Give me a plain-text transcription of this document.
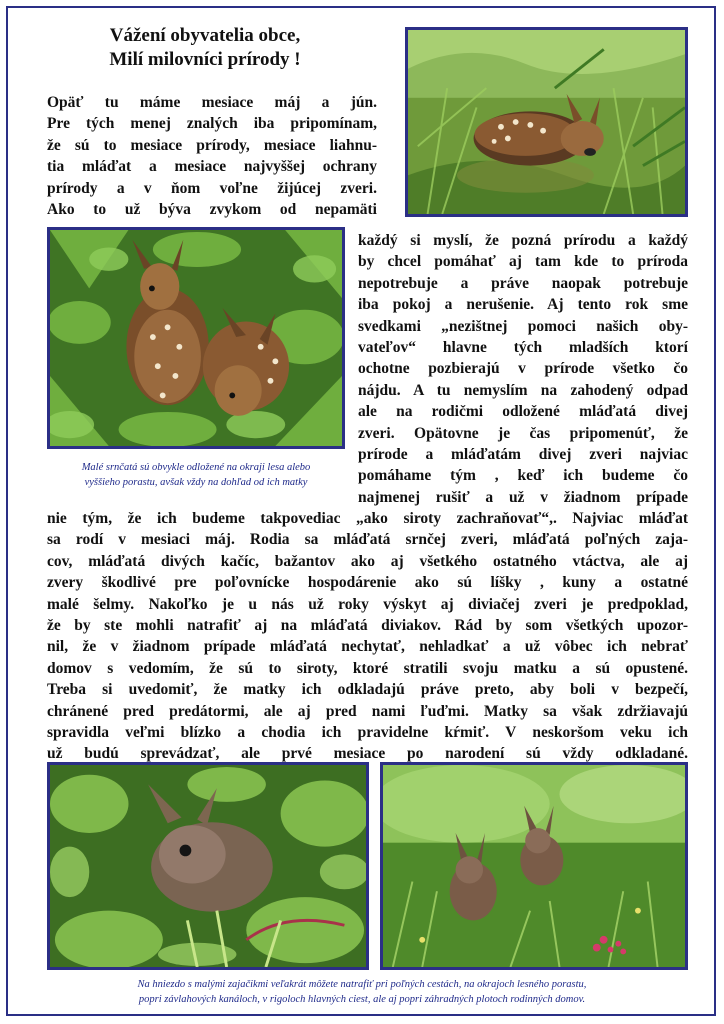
Vážení obyvatelia obce,
Milí milovníci prírody !
Opäť tu máme mesiace máj a jún.
Pre tých menej znalých iba pripomínam,
že sú to mesiace prírody, mesiace liahnu-
tia mláďat a mesiace najvyššej ochrany
prírody a v ňom voľne žijúcej zveri.
Ako to už býva zvykom od nepamäti
Malé srnčatá sú obvykle odložené na okraji lesa alebo
vyššieho porastu, avšak vždy na dohľad od ich matky
každý si myslí, že pozná prírodu a každý
by chcel pomáhať aj tam kde to príroda
nepotrebuje a práve naopak potrebuje
iba pokoj a nerušenie. Aj tento rok sme
svedkami „nezištnej pomoci našich oby-
vateľov“ hlavne tých mladších ktorí
ochotne pozbierajú v prírode všetko čo
nájdu. A tu nemyslím na zahodený odpad
ale na rodičmi odložené mláďatá divej
zveri. Opätovne je čas pripomenúť, že
prírode a mláďatám divej zveri najviac
pomáhame tým , keď ich budeme čo
najmenej rušiť a už v žiadnom prípade
nie tým, že ich budeme takpovediac „ako siroty zachraňovať“,. Najviac mláďat
sa rodí v mesiaci máj. Rodia sa mláďatá srnčej zveri, mláďatá poľných zaja-
cov, mláďatá divých kačíc, bažantov ako aj všetkého ostatného vtáctva, ale aj
zvery škodlivé pre poľovnícke hospodárenie ako sú líšky , kuny a ostatné
malé šelmy. Nakoľko je u nás už roky výskyt aj diviačej zveri je predpoklad,
že by ste mohli natrafiť aj na mláďatá diviakov. Rád by som všetkých upozor-
nil, že v žiadnom prípade mláďatá nechytať, nehladkať a už vôbec ich nebrať
domov s vedomím, že sú to siroty, ktoré stratili svoju matku a sú opustené.
Treba si uvedomiť, že matky ich odkladajú práve preto, aby boli v bezpečí,
chránené pred predátormi, ale aj pred nami ľuďmi. Matky sa však zdržiavajú
spravidla veľmi blízko a chodia ich pravidelne kŕmiť. V neskoršom veku ich
už budú sprevádzať, ale prvé mesiace po narodení sú vždy odkladané.
Na hniezdo s malými zajačikmi veľakrát môžete natrafiť pri poľných cestách, na okrajoch lesného porastu,
popri závlahových kanáloch, v rigoloch hlavných ciest, ale aj popri záhradných plotoch rodinných domov.
